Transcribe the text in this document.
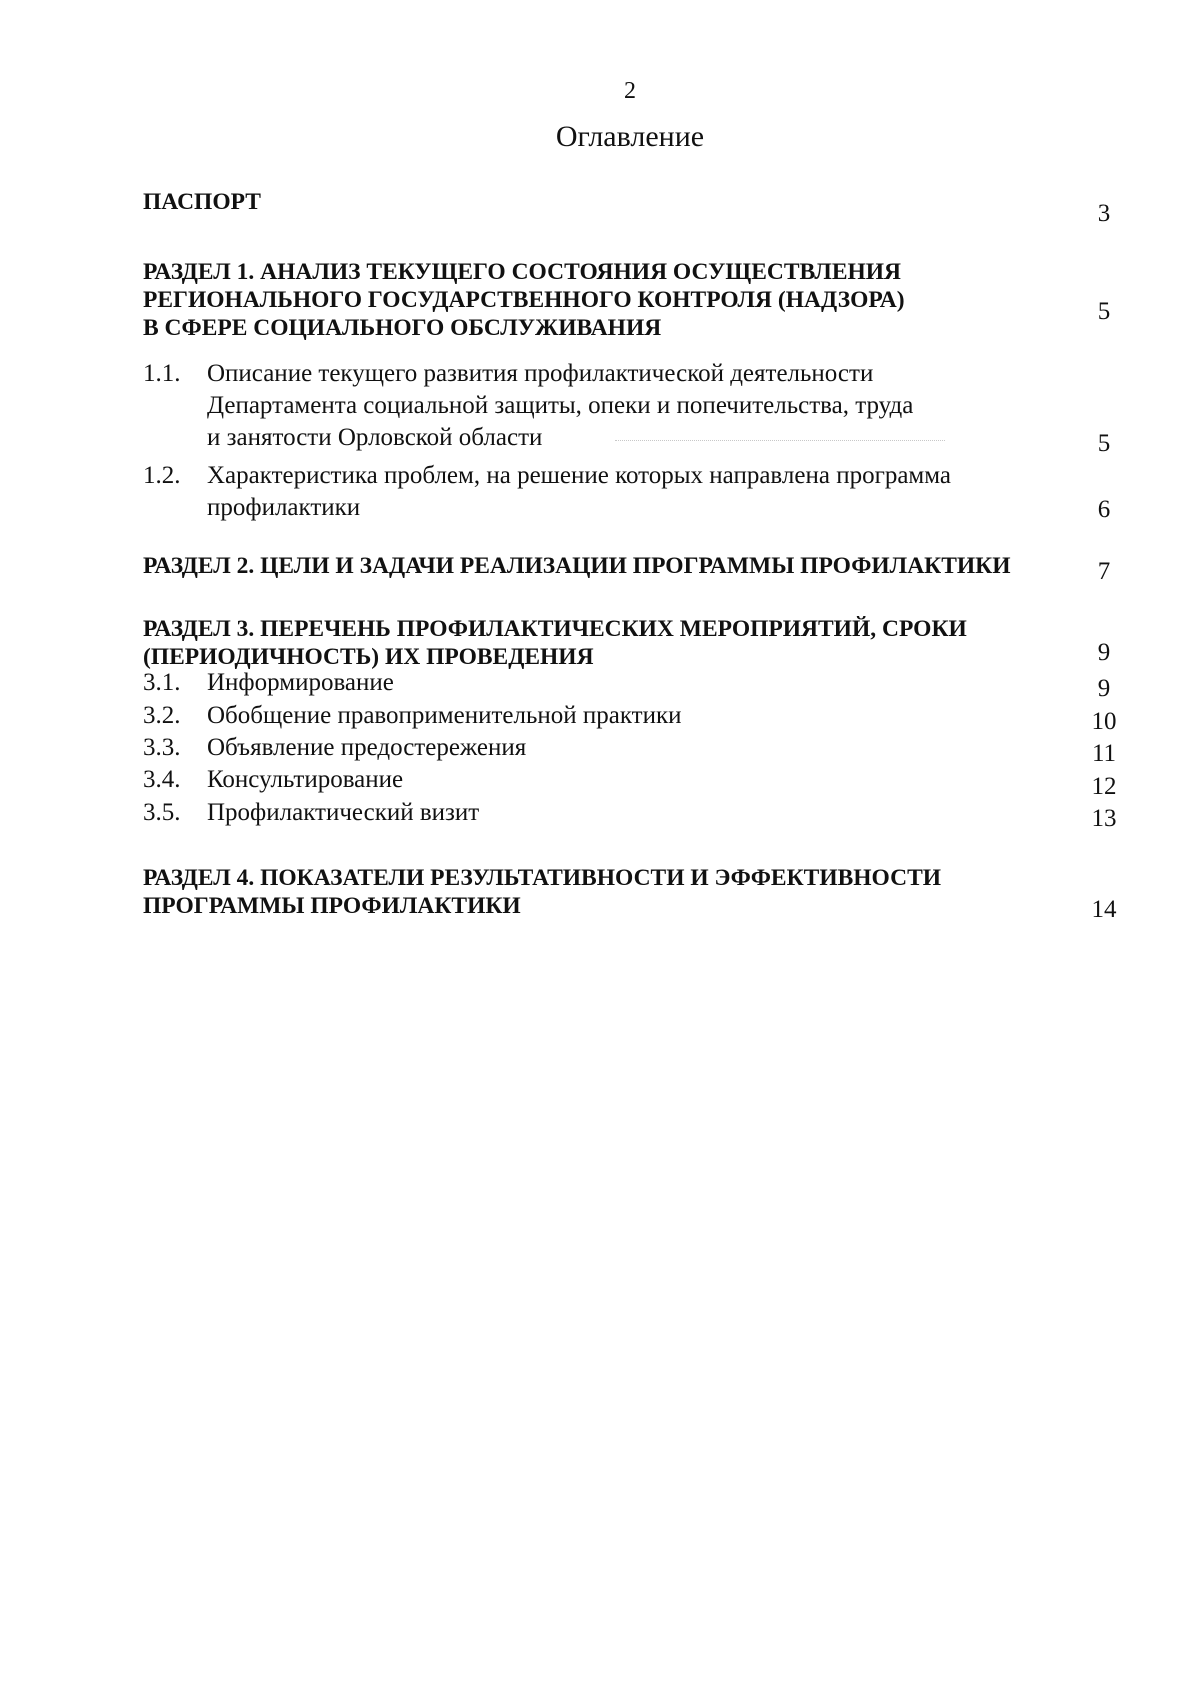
2
Оглавление
ПАСПОРТ	3
РАЗДЕЛ 1. АНАЛИЗ ТЕКУЩЕГО СОСТОЯНИЯ ОСУЩЕСТВЛЕНИЯ
РЕГИОНАЛЬНОГО ГОСУДАРСТВЕННОГО КОНТРОЛЯ (НАДЗОРА)
В СФЕРЕ СОЦИАЛЬНОГО ОБСЛУЖИВАНИЯ
5
1.1. Описание текущего развития профилактической деятельности
Департамента социальной защиты, опеки и попечительства, труда
и занятости Орловской области	5
1.2. Характеристика проблем, на решение которых направлена программа
профилактики	6
РАЗДЕЛ 2. ЦЕЛИ И ЗАДАЧИ РЕАЛИЗАЦИИ ПРОГРАММЫ ПРОФИЛАКТИКИ	7
РАЗДЕЛ 3. ПЕРЕЧЕНЬ ПРОФИЛАКТИЧЕСКИХ МЕРОПРИЯТИЙ, СРОКИ
(ПЕРИОДИЧНОСТЬ) ИХ ПРОВЕДЕНИЯ	9
3.1. Информирование	9
3.2. Обобщение правоприменительной практики	10
3.3. Объявление предостережения	11
3.4. Консультирование	12
3.5. Профилактический визит	13
РАЗДЕЛ 4. ПОКАЗАТЕЛИ РЕЗУЛЬТАТИВНОСТИ И ЭФФЕКТИВНОСТИ
ПРОГРАММЫ ПРОФИЛАКТИКИ	14
